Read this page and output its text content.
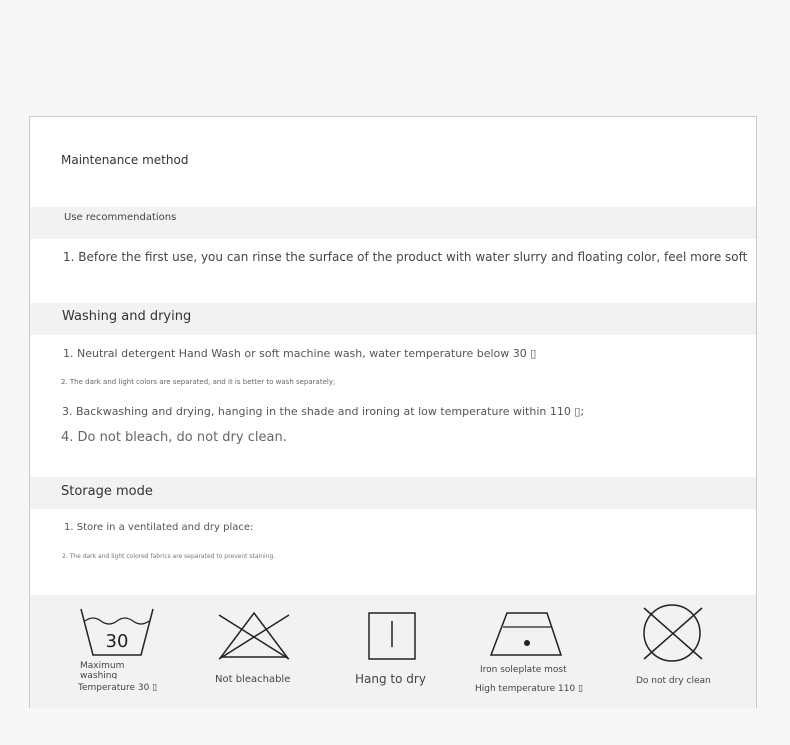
Maintenance method
Use recommendations
1. Before the first use, you can rinse the surface of the product with water slurry and floating color, feel more soft
Washing and drying
1. Neutral detergent Hand Wash or soft machine wash, water temperature below 30 ▯
2. The dark and light colors are separated, and it is better to wash separately;
3. Backwashing and drying, hanging in the shade and ironing at low temperature within 110 ▯;
4. Do not bleach, do not dry clean.
Storage mode
1. Store in a ventilated and dry place:
2. The dark and light colored fabrics are separated to prevent staining.
30
Maximum
washing
Temperature 30 ▯
Not bleachable	Hang to dry
Iron soleplate most
High temperature 110 ▯
Do not dry clean
